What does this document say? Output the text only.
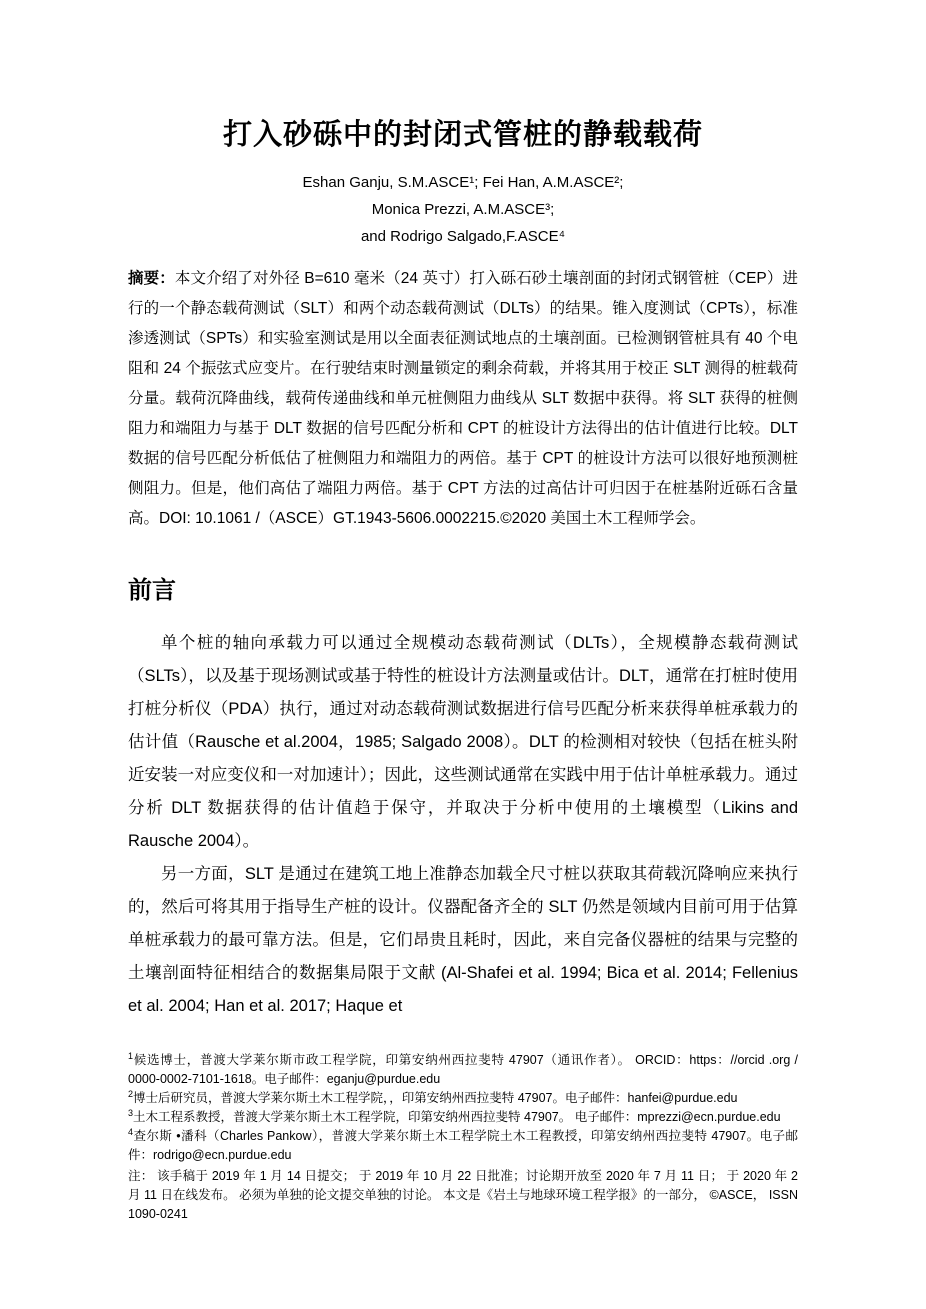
打入砂砾中的封闭式管桩的静载载荷
Eshan Ganju, S.M.ASCE¹; Fei Han, A.M.ASCE²;
Monica Prezzi, A.M.ASCE³;
and Rodrigo Salgado,F.ASCE⁴

摘要：本文介绍了对外径 B=610 毫米（24 英寸）打入砾石砂土壤剖面的封闭式钢管桩（CEP）进行的一个静态载荷测试（SLT）和两个动态载荷测试（DLTs）的结果。锥入度测试（CPTs），标准渗透测试（SPTs）和实验室测试是用以全面表征测试地点的土壤剖面。已检测钢管桩具有 40 个电阻和 24 个振弦式应变片。在行驶结束时测量锁定的剩余荷载，并将其用于校正 SLT 测得的桩载荷分量。载荷沉降曲线，载荷传递曲线和单元桩侧阻力曲线从 SLT 数据中获得。将 SLT 获得的桩侧阻力和端阻力与基于 DLT 数据的信号匹配分析和 CPT 的桩设计方法得出的估计值进行比较。DLT 数据的信号匹配分析低估了桩侧阻力和端阻力的两倍。基于 CPT 的桩设计方法可以很好地预测桩侧阻力。但是，他们高估了端阻力两倍。基于 CPT 方法的过高估计可归因于在桩基附近砾石含量高。DOI: 10.1061 /（ASCE）GT.1943-5606.0002215.©2020 美国土木工程师学会。

前言

单个桩的轴向承载力可以通过全规模动态载荷测试（DLTs），全规模静态载荷测试（SLTs），以及基于现场测试或基于特性的桩设计方法测量或估计。DLT，通常在打桩时使用打桩分析仪（PDA）执行，通过对动态载荷测试数据进行信号匹配分析来获得单桩承载力的估计值（Rausche et al.2004，1985; Salgado 2008）。DLT 的检测相对较快（包括在桩头附近安装一对应变仪和一对加速计）；因此，这些测试通常在实践中用于估计单桩承载力。通过分析 DLT 数据获得的估计值趋于保守，并取决于分析中使用的土壤模型（Likins and Rausche 2004）。

另一方面，SLT 是通过在建筑工地上准静态加载全尺寸桩以获取其荷载沉降响应来执行的，然后可将其用于指导生产桩的设计。仪器配备齐全的 SLT 仍然是领域内目前可用于估算单桩承载力的最可靠方法。但是，它们昂贵且耗时，因此，来自完备仪器桩的结果与完整的土壤剖面特征相结合的数据集局限于文献 (Al-Shafei et al. 1994; Bica et al. 2014; Fellenius et al. 2004; Han et al. 2017; Haque et

$^1$候选博士，普渡大学莱尔斯市政工程学院，印第安纳州西拉斐特 47907（通讯作者）。 ORCID：https：//orcid .org / 0000-0002-7101-1618。电子邮件：eganju@purdue.edu

$^2$博士后研究员，普渡大学莱尔斯土木工程学院，，印第安纳州西拉斐特 47907。电子邮件：hanfei@purdue.edu

$^3$土木工程系教授，普渡大学莱尔斯土木工程学院，印第安纳州西拉斐特 47907。 电子邮件：mprezzi@ecn.purdue.edu

$^4$查尔斯 •潘科（Charles Pankow），普渡大学莱尔斯土木工程学院土木工程教授，印第安纳州西拉斐特 47907。电子邮件：rodrigo@ecn.purdue.edu

注： 该手稿于 2019 年 1 月 14 日提交； 于 2019 年 10 月 22 日批准；讨论期开放至 2020 年 7 月 11 日； 于 2020 年 2 月 11 日在线发布。 必须为单独的论文提交单独的讨论。 本文是《岩土与地球环境工程学报》的一部分， ©ASCE， ISSN 1090-0241
